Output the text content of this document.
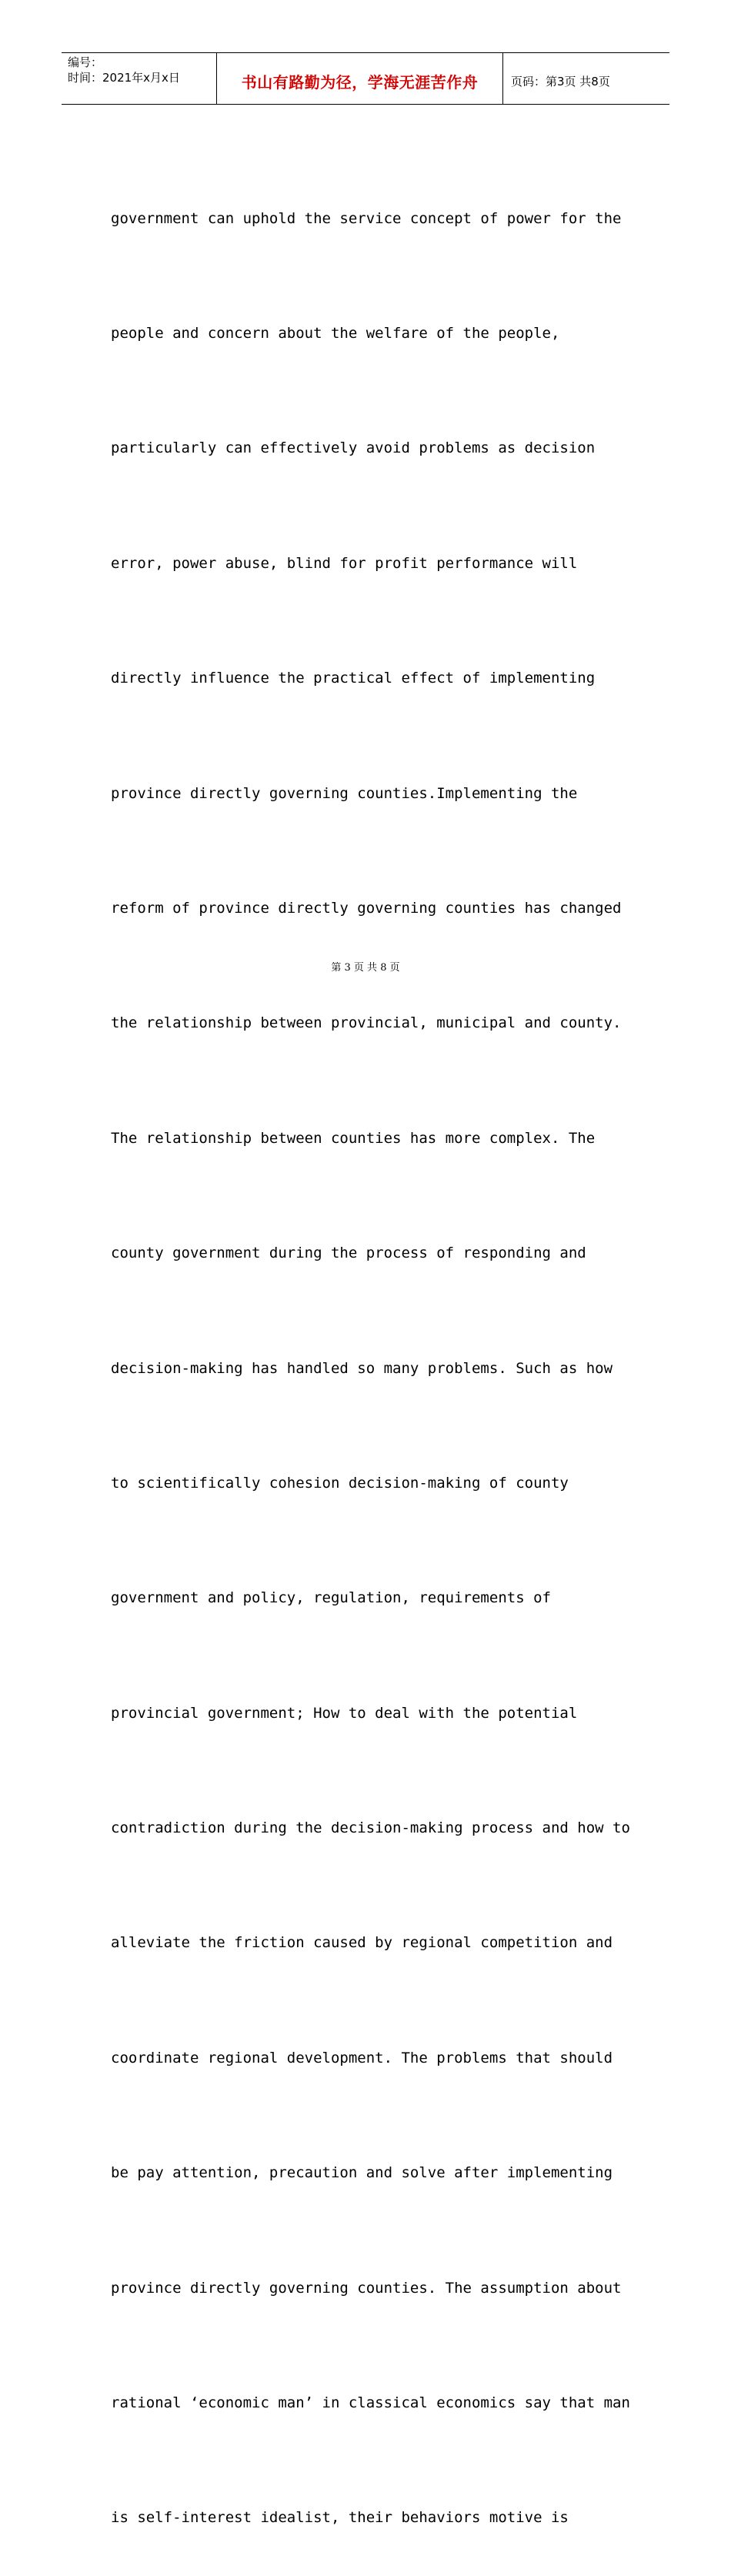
编号：
时间：2021年x月x日	书山有路勤为径，学海无涯苦作舟	页码：第3页 共8页

government can uphold the service concept of power for the

people and concern about the welfare of the people,

particularly can effectively avoid problems as decision

error, power abuse, blind for profit performance will

directly influence the practical effect of implementing

province directly governing counties.Implementing the

reform of province directly governing counties has changed

the relationship between provincial, municipal and county.

The relationship between counties has more complex. The

county government during the process of responding and

decision-making has handled so many problems. Such as how

to scientifically cohesion decision-making of county

government and policy, regulation, requirements of

provincial government; How to deal with the potential

contradiction during the decision-making process and how to

alleviate the friction caused by regional competition and

coordinate regional development. The problems that should

be pay attention, precaution and solve after implementing

province directly governing counties. The assumption about

rational ‘economic man’ in classical economics say that man

is self-interest idealist, their behaviors motive is

第 3 页 共 8 页
